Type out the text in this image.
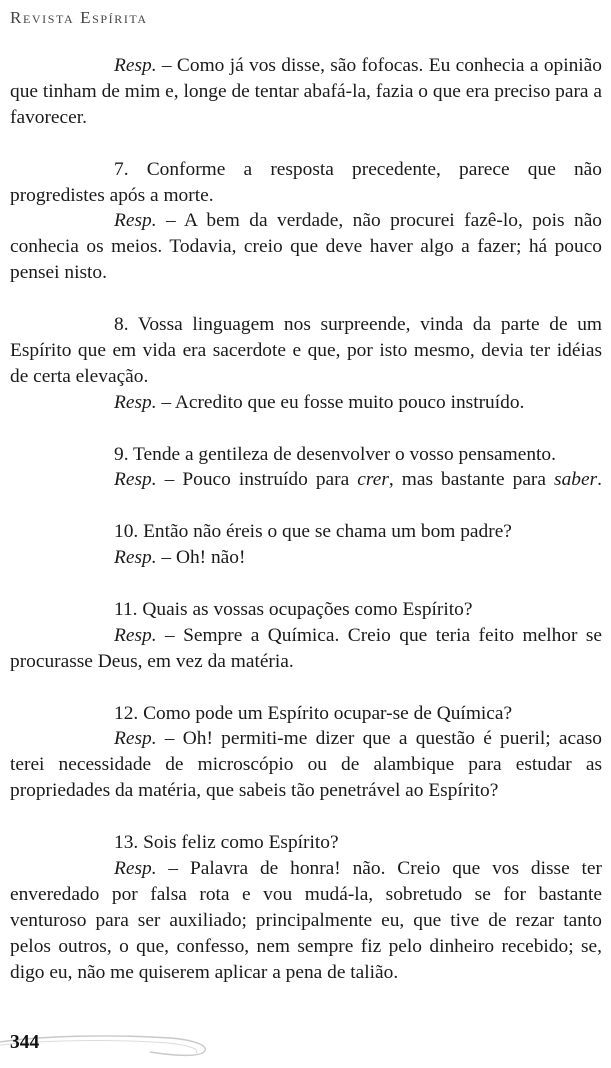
Revista Espírita

Resp. – Como já vos disse, são fofocas. Eu conhecia a opinião que tinham de mim e, longe de tentar abafá-la, fazia o que era preciso para a favorecer.

7. Conforme a resposta precedente, parece que não progredistes após a morte.

Resp. – A bem da verdade, não procurei fazê-lo, pois não conhecia os meios. Todavia, creio que deve haver algo a fazer; há pouco pensei nisto.

8. Vossa linguagem nos surpreende, vinda da parte de um Espírito que em vida era sacerdote e que, por isto mesmo, devia ter idéias de certa elevação.

Resp. – Acredito que eu fosse muito pouco instruído.

9. Tende a gentileza de desenvolver o vosso pensamento.

Resp. – Pouco instruído para crer, mas bastante para saber.

10. Então não éreis o que se chama um bom padre?

Resp. – Oh! não!

11. Quais as vossas ocupações como Espírito?

Resp. – Sempre a Química. Creio que teria feito melhor se procurasse Deus, em vez da matéria.

12. Como pode um Espírito ocupar-se de Química?

Resp. – Oh! permiti-me dizer que a questão é pueril; acaso terei necessidade de microscópio ou de alambique para estudar as propriedades da matéria, que sabeis tão penetrável ao Espírito?

13. Sois feliz como Espírito?

Resp. – Palavra de honra! não. Creio que vos disse ter enveredado por falsa rota e vou mudá-la, sobretudo se for bastante venturoso para ser auxiliado; principalmente eu, que tive de rezar tanto pelos outros, o que, confesso, nem sempre fiz pelo dinheiro recebido; se, digo eu, não me quiserem aplicar a pena de talião.

344
